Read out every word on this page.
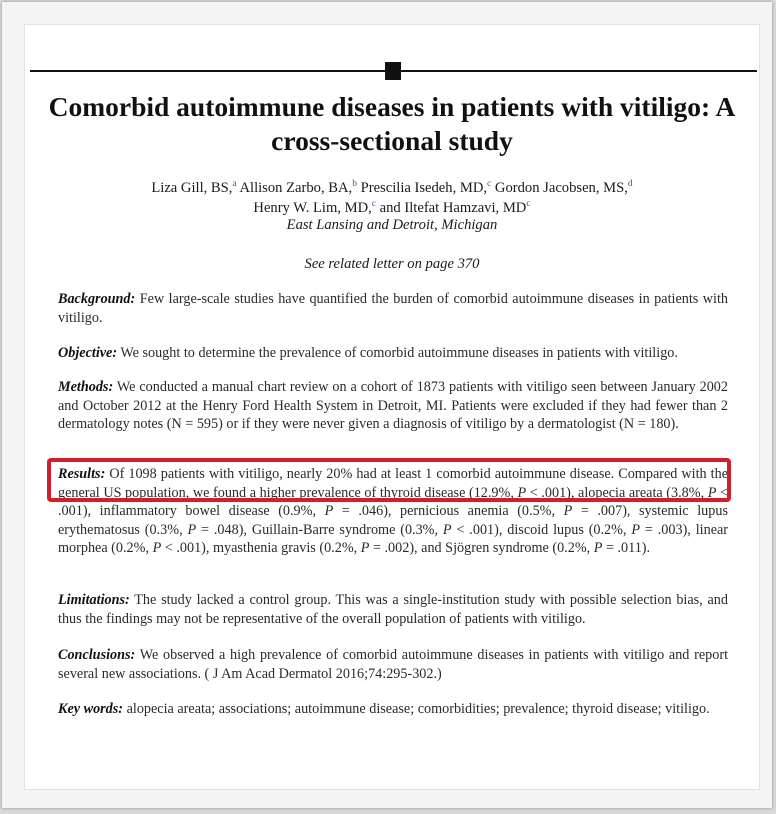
Comorbid autoimmune diseases in patients with vitiligo: A cross-sectional study
Liza Gill, BS,$^a$ Allison Zarbo, BA,$^b$ Prescilia Isedeh, MD,$^c$ Gordon Jacobsen, MS,$^d$
Henry W. Lim, MD,$^c$ and Iltefat Hamzavi, $MD^c$
East Lansing and Detroit, Michigan
See related letter on page 370

Background: Few large-scale studies have quantified the burden of comorbid autoimmune diseases in patients with vitiligo.

Objective: We sought to determine the prevalence of comorbid autoimmune diseases in patients with vitiligo.

Methods: We conducted a manual chart review on a cohort of 1873 patients with vitiligo seen between January 2002 and October 2012 at the Henry Ford Health System in Detroit, MI. Patients were excluded if they had fewer than 2 dermatology notes (N = 595) or if they were never given a diagnosis of vitiligo by a dermatologist (N = 180).

Results: Of 1098 patients with vitiligo, nearly 20% had at least 1 comorbid autoimmune disease. Compared with the general US population, we found a higher prevalence of thyroid disease (12.9%, P < .001), alopecia areata (3.8%, P < .001), inflammatory bowel disease (0.9%, P = .046), pernicious anemia (0.5%, P = .007), systemic lupus erythematosus (0.3%, P = .048), Guillain-Barre syndrome (0.3%, P < .001), discoid lupus (0.2%, P = .003), linear morphea (0.2%, P < .001), myasthenia gravis (0.2%, P = .002), and Sjögren syndrome (0.2%, P = .011).

Limitations: The study lacked a control group. This was a single-institution study with possible selection bias, and thus the findings may not be representative of the overall population of patients with vitiligo.

Conclusions: We observed a high prevalence of comorbid autoimmune diseases in patients with vitiligo and report several new associations. ( J Am Acad Dermatol 2016;74:295-302.)

Key words: alopecia areata; associations; autoimmune disease; comorbidities; prevalence; thyroid disease; vitiligo.
